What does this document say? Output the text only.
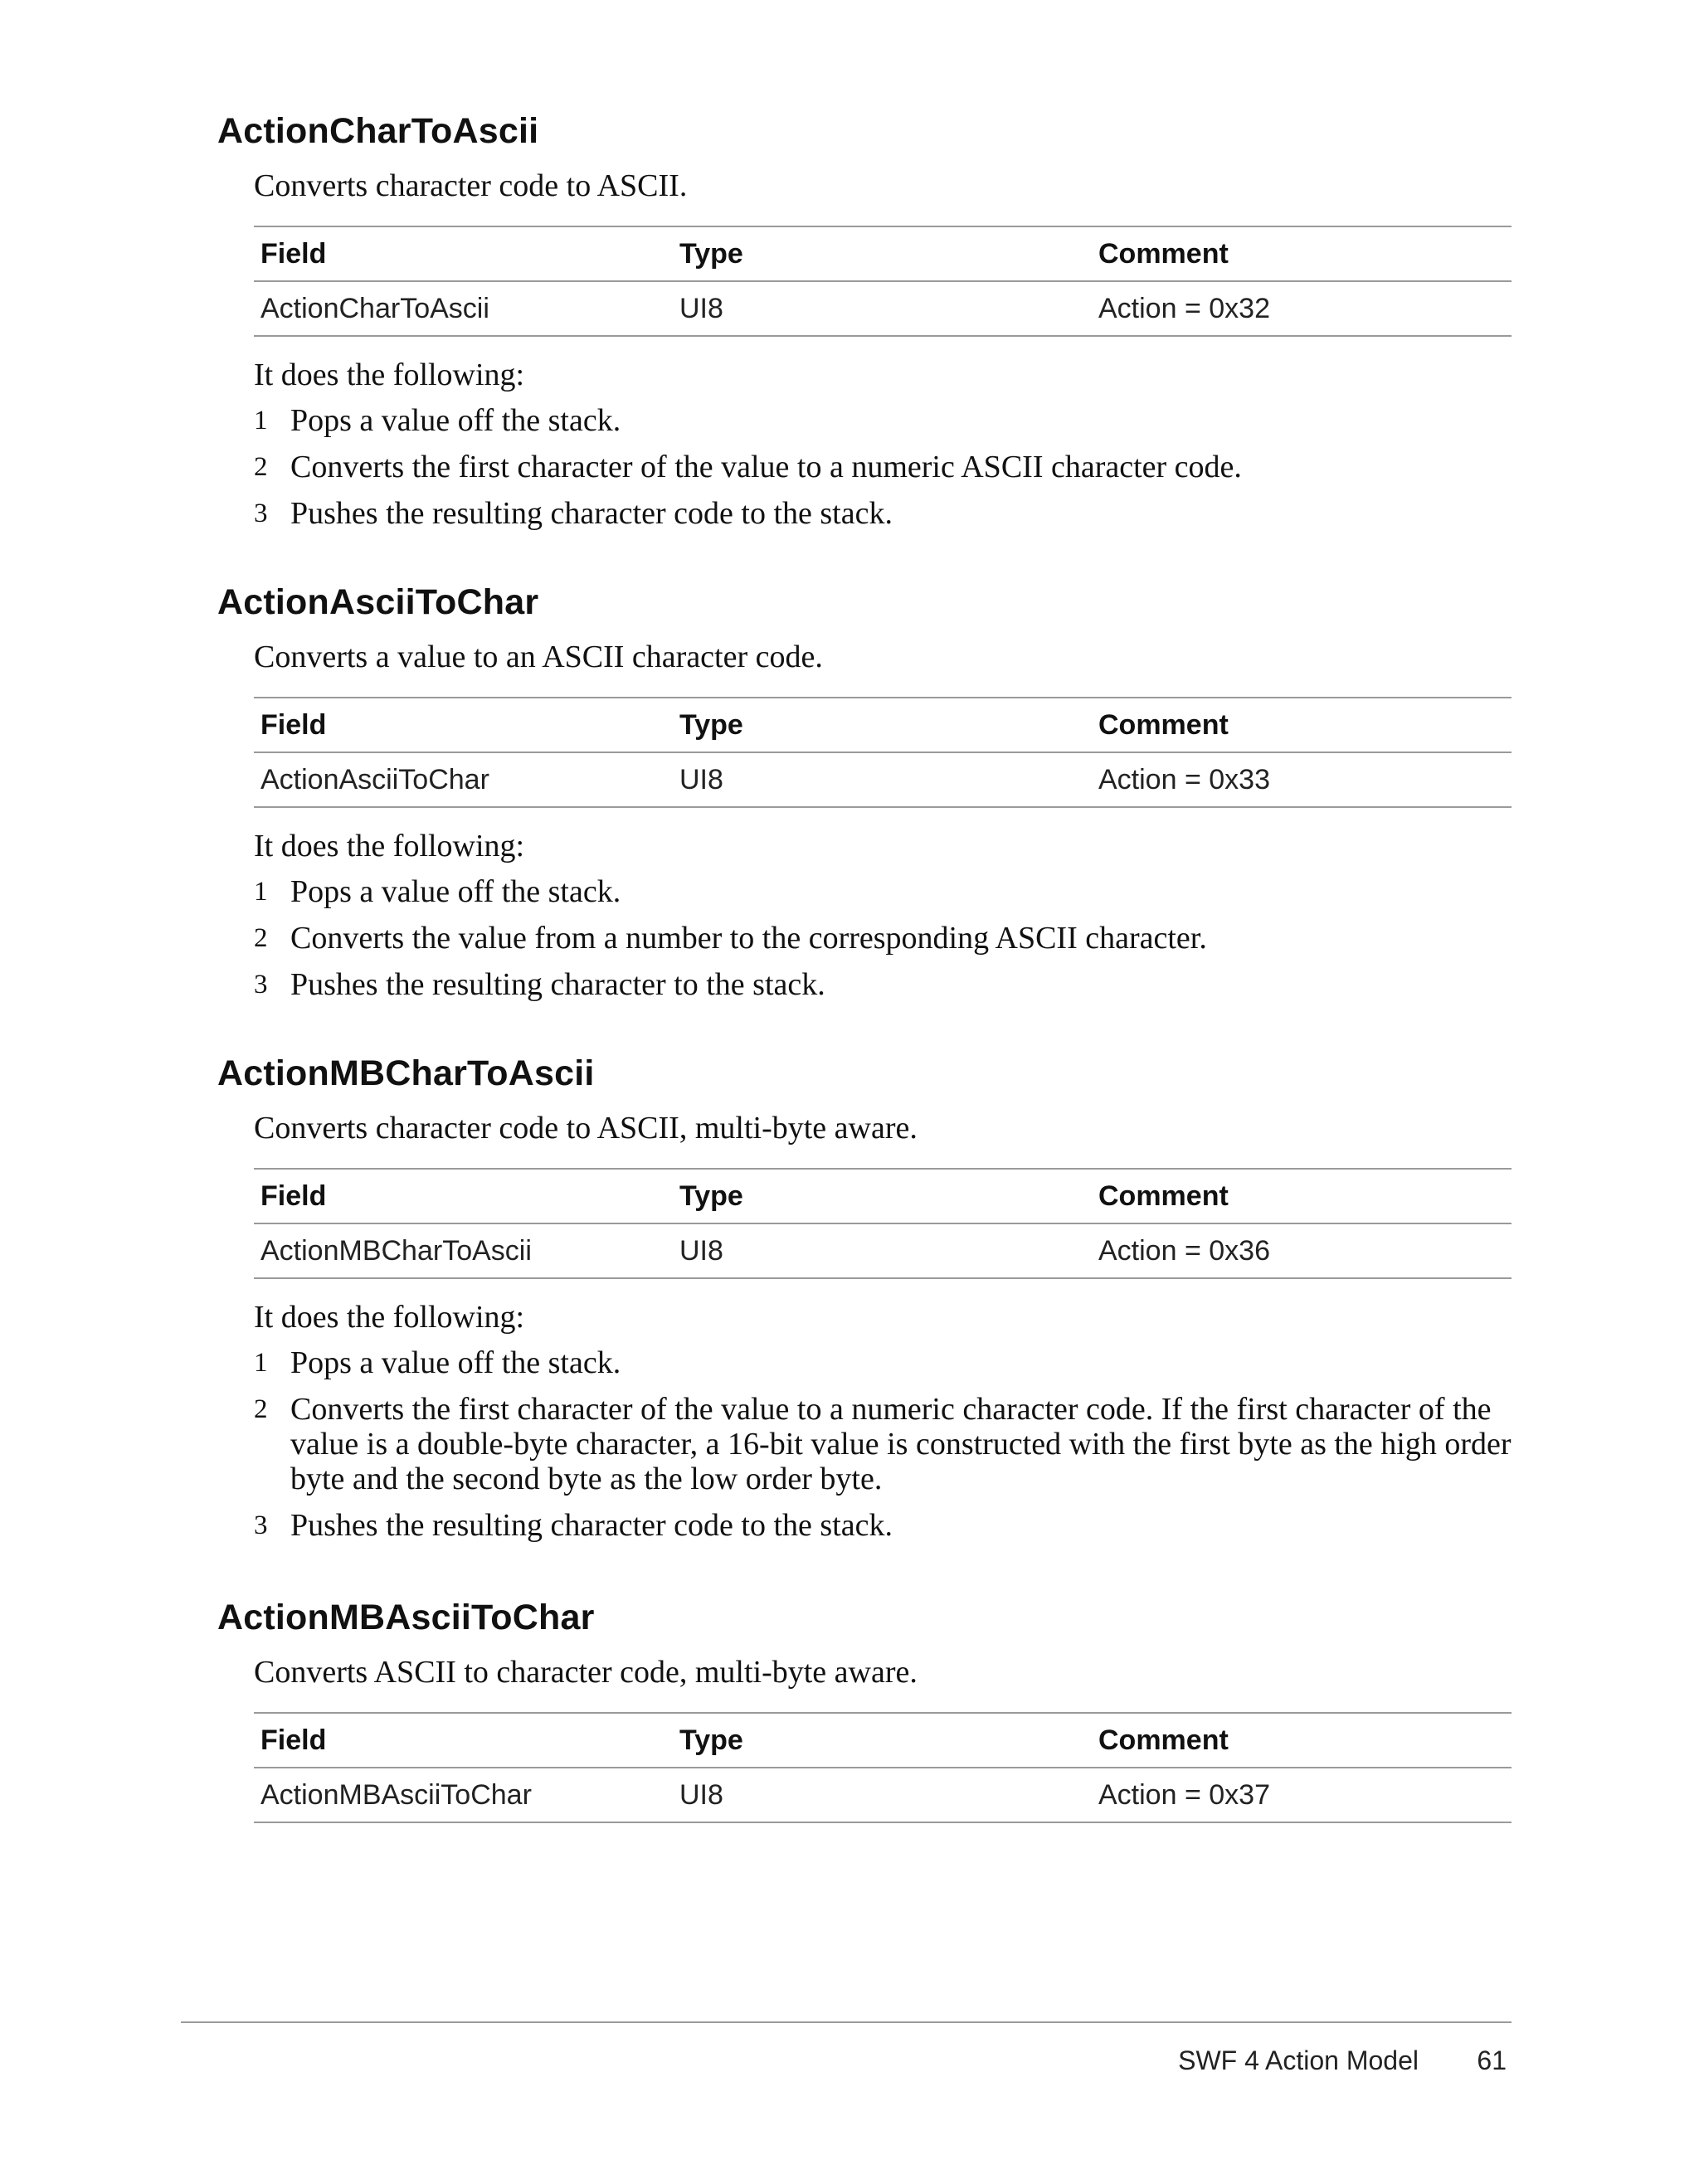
ActionCharToAscii

Converts character code to ASCII.

Field	Type	Comment
ActionCharToAscii	UI8	Action = 0x32

It does the following:

1 Pops a value off the stack.
2 Converts the first character of the value to a numeric ASCII character code.
3 Pushes the resulting character code to the stack.
ActionAsciiToChar

Converts a value to an ASCII character code.

Field	Type	Comment
ActionAsciiToChar	UI8	Action = 0x33

It does the following:

1 Pops a value off the stack.
2 Converts the value from a number to the corresponding ASCII character.
3 Pushes the resulting character to the stack.
ActionMBCharToAscii

Converts character code to ASCII, multi-byte aware.

Field	Type	Comment
ActionMBCharToAscii	UI8	Action = 0x36

It does the following:

1 Pops a value off the stack.
2 Converts the first character of the value to a numeric character code. If the first character of the value is a double-byte character, a 16-bit value is constructed with the first byte as the high order byte and the second byte as the low order byte.
3 Pushes the resulting character code to the stack.
ActionMBAsciiToChar

Converts ASCII to character code, multi-byte aware.

Field	Type	Comment
ActionMBAsciiToChar	UI8	Action = 0x37
SWF 4 Action Model	61
